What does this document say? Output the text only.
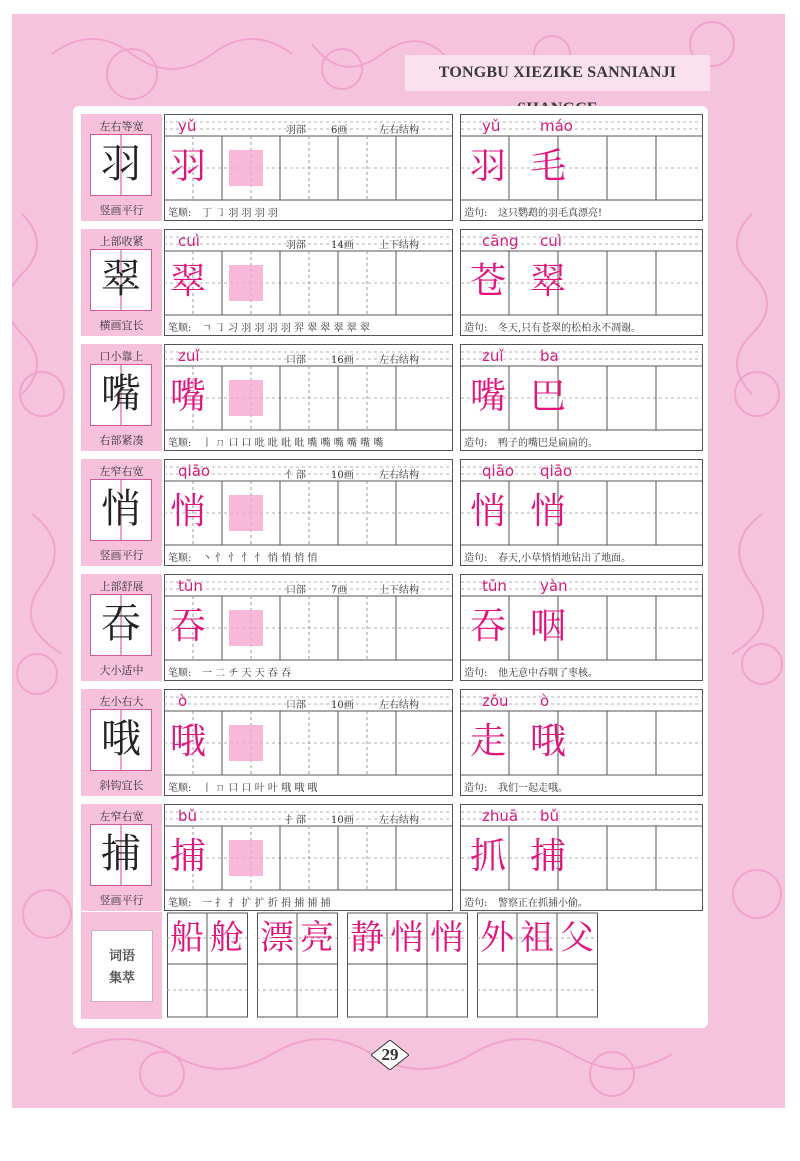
TONGBU XIEZIKE SANNIANJI
左右等宽
羽
竖画平行
yǔ	羽部	6画	左右结构
羽
笔顺: 丁 ㇆ 羽 羽 羽 羽
yǔ	máo
羽 毛
造句: 这只鹦鹉的羽毛真漂亮!
上部收紧
翠
横画宜长
cuì	羽部	14画	上下结构
翠
笔顺: ㄱ ㇆ 习 羽 羽 羽 羽 羿 翠 翠 翠 翠 翠
cāng cuì
苍 翠
造句: 冬天,只有苍翠的松柏永不凋谢。
口小靠上
嘴
右部紧凑
zuǐ	口部	16画	左右结构
嘴
笔顺: 丨 ㄇ 口 口 吡 吡 吡 吡 嘴 嘴 嘴 嘴 嘴 嘴
zuǐ ba
嘴 巴
造句: 鸭子的嘴巴是扁扁的。
左窄右宽
悄
竖画平行
qiāo	忄部	10画	左右结构
悄
笔顺: 丶 忄 忄 忄 忄 悄 悄 悄 悄
qiāo qiāo
悄 悄
造句: 春天,小草悄悄地钻出了地面。
上部舒展
吞
大小适中
tūn	口部	7画	上下结构
吞
笔顺: 一 二 チ 天 天 吞 吞
tūn yàn
吞 咽
造句: 他无意中吞咽了枣核。
左小右大
哦
斜钩宜长
ò	口部	10画	左右结构
哦
笔顺: 丨 ㄇ 口 口 叶 叶 哦 哦 哦
zǒu ò
走 哦
造句: 我们一起走哦。
左窄右宽
捕
竖画平行
bǔ	扌部	10画	左右结构
捕
笔顺: 一 扌 扌 扩 扩 折 捐 捕 捕 捕
zhuā bǔ
抓 捕
造句: 警察正在抓捕小偷。
词语
集萃
船 舱 漂 亮 静 悄 悄 外 祖 父
29
